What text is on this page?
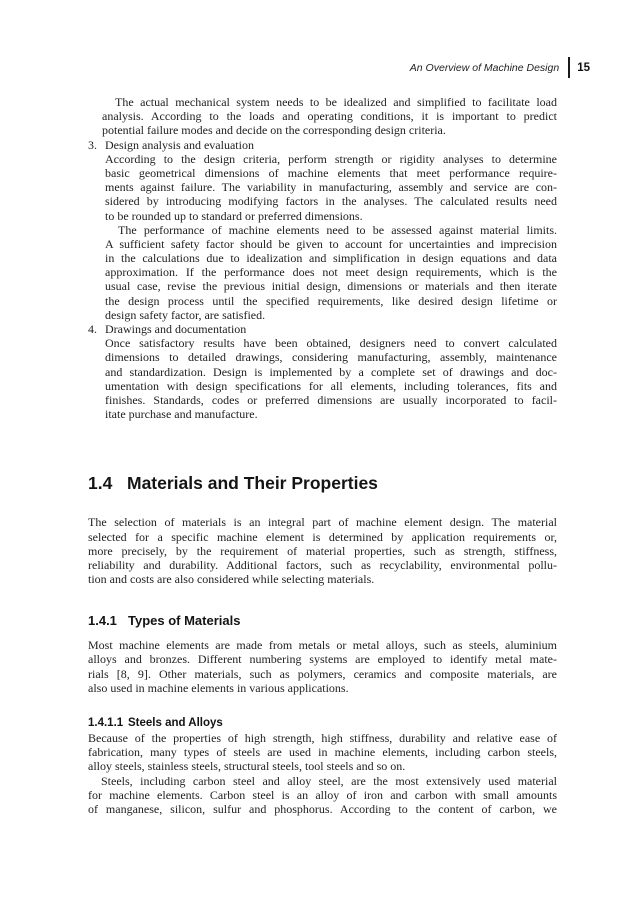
An Overview of Machine Design 15
The actual mechanical system needs to be idealized and simplified to facilitate load
analysis. According to the loads and operating conditions, it is important to predict
potential failure modes and decide on the corresponding design criteria.
3. Design analysis and evaluation
According to the design criteria, perform strength or rigidity analyses to determine
basic geometrical dimensions of machine elements that meet performance require-
ments against failure. The variability in manufacturing, assembly and service are con-
sidered by introducing modifying factors in the analyses. The calculated results need
to be rounded up to standard or preferred dimensions.
The performance of machine elements need to be assessed against material limits.
A sufficient safety factor should be given to account for uncertainties and imprecision
in the calculations due to idealization and simplification in design equations and data
approximation. If the performance does not meet design requirements, which is the
usual case, revise the previous initial design, dimensions or materials and then iterate
the design process until the specified requirements, like desired design lifetime or
design safety factor, are satisfied.
4. Drawings and documentation
Once satisfactory results have been obtained, designers need to convert calculated
dimensions to detailed drawings, considering manufacturing, assembly, maintenance
and standardization. Design is implemented by a complete set of drawings and doc-
umentation with design specifications for all elements, including tolerances, fits and
finishes. Standards, codes or preferred dimensions are usually incorporated to facil-
itate purchase and manufacture.
1.4 Materials and Their Properties
The selection of materials is an integral part of machine element design. The material
selected for a specific machine element is determined by application requirements or,
more precisely, by the requirement of material properties, such as strength, stiffness,
reliability and durability. Additional factors, such as recyclability, environmental pollu-
tion and costs are also considered while selecting materials.
1.4.1 Types of Materials
Most machine elements are made from metals or metal alloys, such as steels, aluminium
alloys and bronzes. Different numbering systems are employed to identify metal mate-
rials [8, 9]. Other materials, such as polymers, ceramics and composite materials, are
also used in machine elements in various applications.
1.4.1.1 Steels and Alloys
Because of the properties of high strength, high stiffness, durability and relative ease of
fabrication, many types of steels are used in machine elements, including carbon steels,
alloy steels, stainless steels, structural steels, tool steels and so on.
Steels, including carbon steel and alloy steel, are the most extensively used material
for machine elements. Carbon steel is an alloy of iron and carbon with small amounts
of manganese, silicon, sulfur and phosphorus. According to the content of carbon, we
